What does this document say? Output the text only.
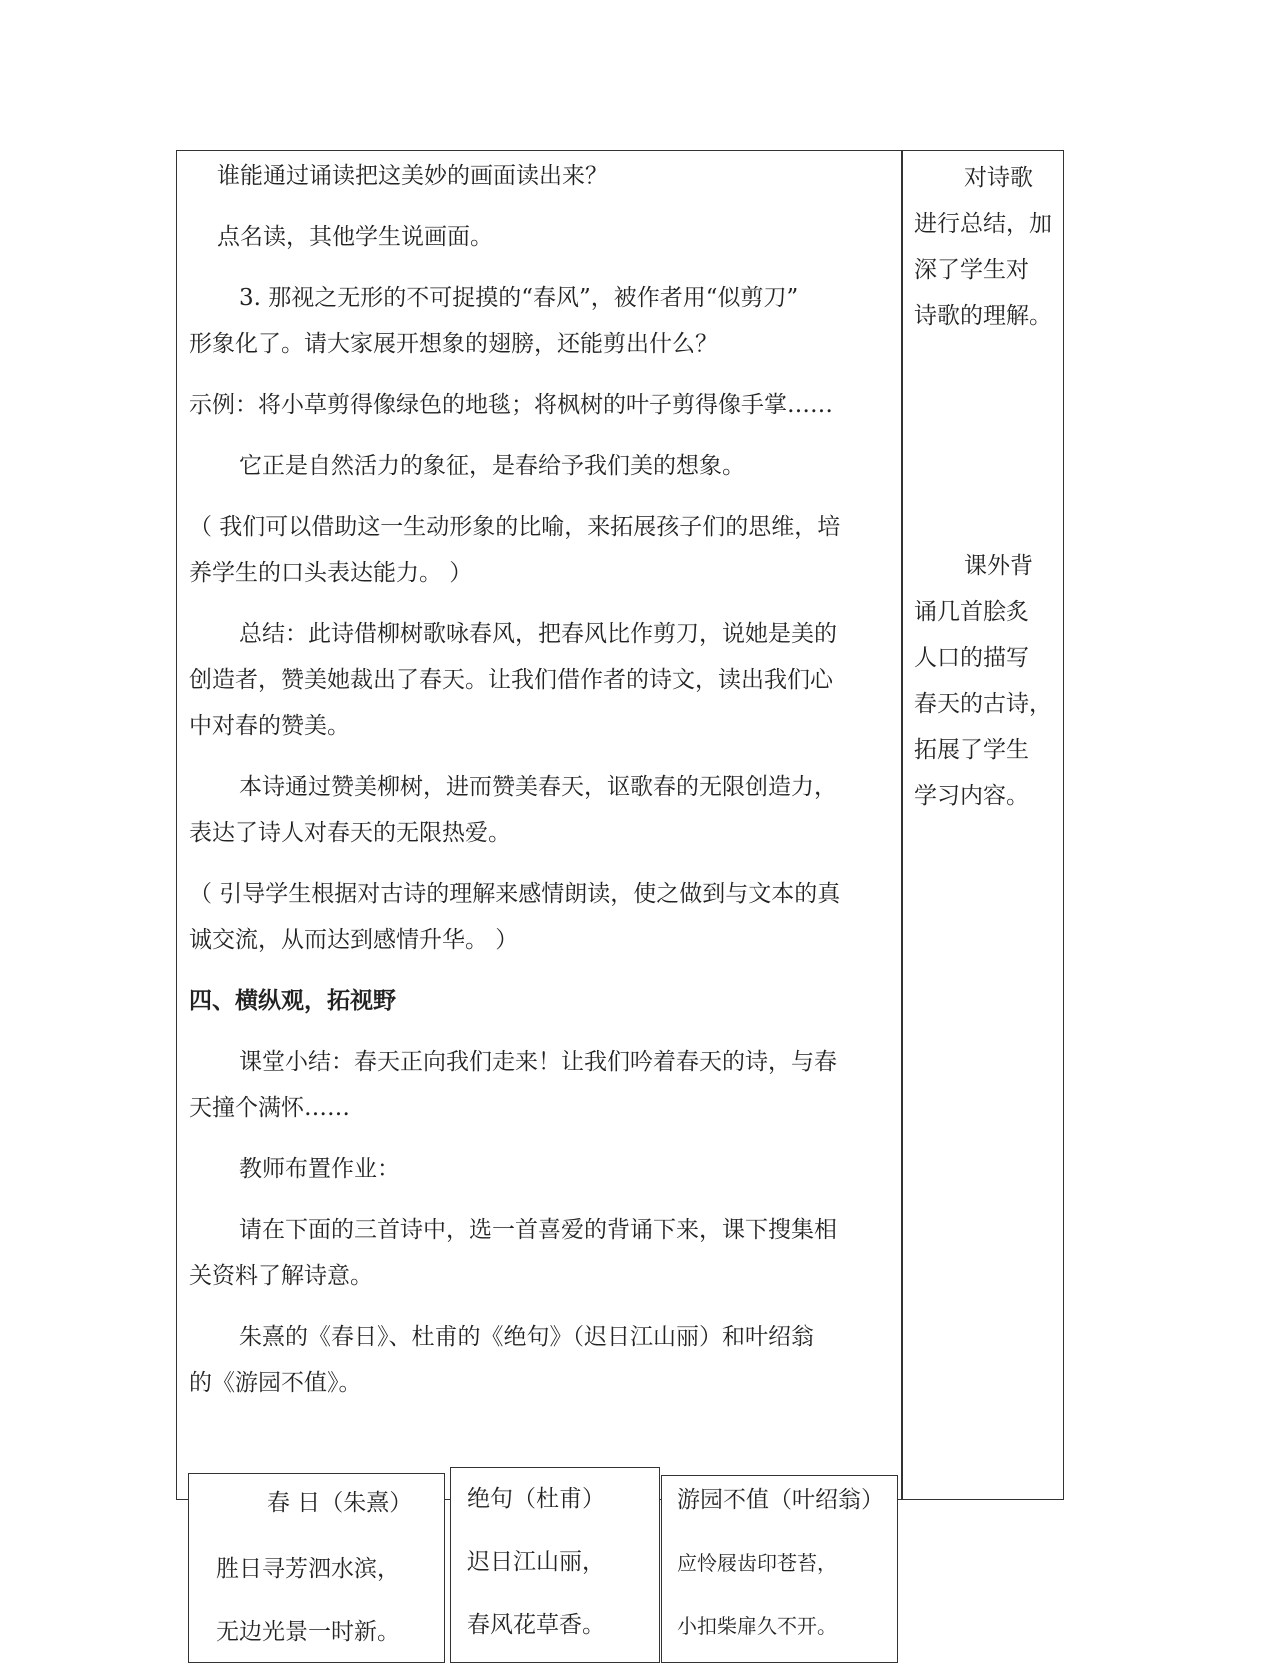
谁能通过诵读把这美妙的画面读出来？
点名读，其他学生说画面。
3. 那视之无形的不可捉摸的“春风”，被作者用“似剪刀”
形象化了。请大家展开想象的翅膀，还能剪出什么？
示例：将小草剪得像绿色的地毯；将枫树的叶子剪得像手掌……
它正是自然活力的象征，是春给予我们美的想象。
（ 我们可以借助这一生动形象的比喻，来拓展孩子们的思维，培
养学生的口头表达能力。 ）
总结：此诗借柳树歌咏春风，把春风比作剪刀，说她是美的
创造者，赞美她裁出了春天。让我们借作者的诗文，读出我们心
中对春的赞美。
本诗通过赞美柳树，进而赞美春天，讴歌春的无限创造力，
表达了诗人对春天的无限热爱。
（ 引导学生根据对古诗的理解来感情朗读，使之做到与文本的真
诚交流，从而达到感情升华。 ）
四、横纵观，拓视野
课堂小结：春天正向我们走来！让我们吟着春天的诗，与春
天撞个满怀……
教师布置作业：
请在下面的三首诗中，选一首喜爱的背诵下来，课下搜集相
关资料了解诗意。
朱熹的《春日》、杜甫的《绝句》（迟日江山丽）和叶绍翁
的《游园不值》。
对诗歌
进行总结，加
深了学生对
诗歌的理解。
课外背
诵几首脍炙
人口的描写
春天的古诗，
拓展了学生
学习内容。
春 日（朱熹）
胜日寻芳泗水滨，
无边光景一时新。
绝句（杜甫）
迟日江山丽，
春风花草香。
游园不值（叶绍翁）
应怜屐齿印苍苔，
小扣柴扉久不开。
